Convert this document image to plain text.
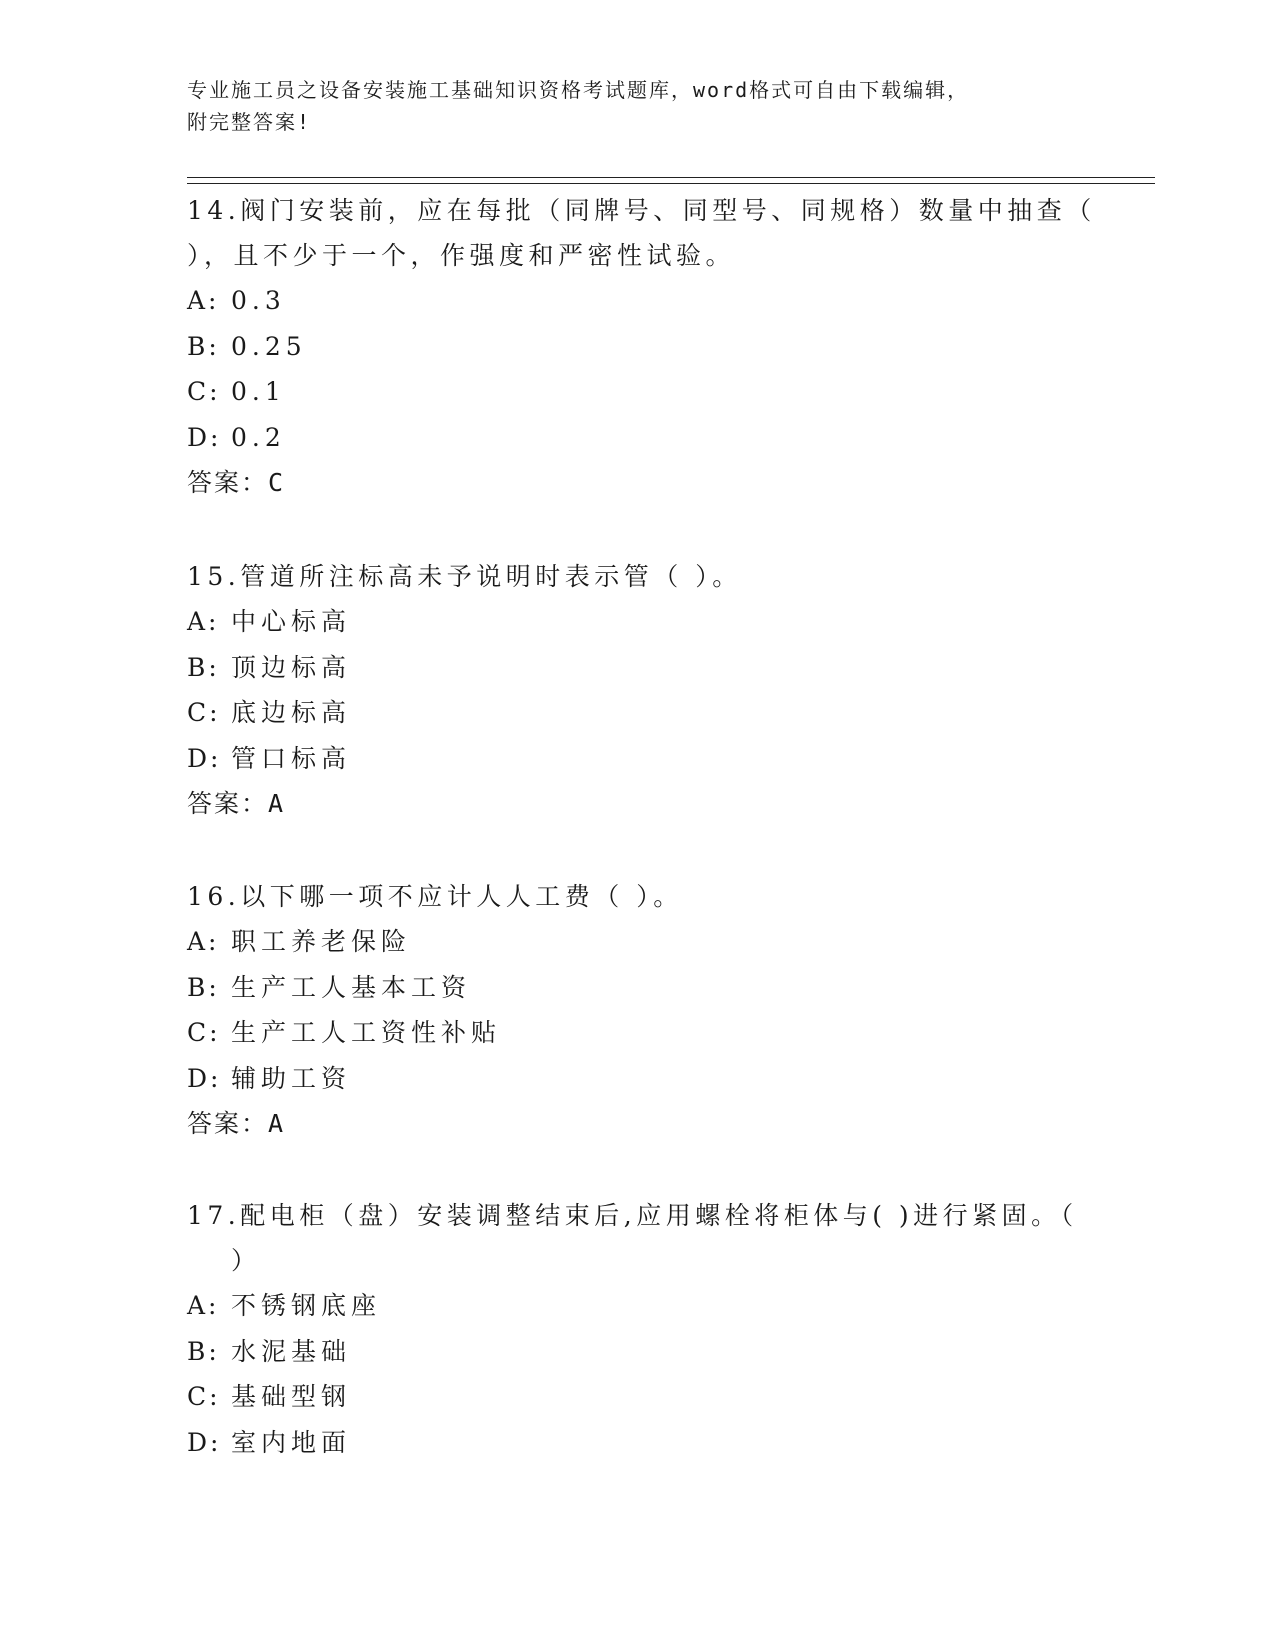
专业施工员之设备安装施工基础知识资格考试题库，word格式可自由下载编辑，
附完整答案!
14.阀门安装前，应在每批（同牌号、同型号、同规格）数量中抽查（
），且不少于一个，作强度和严密性试验。
A: 0.3
B: 0.25
C: 0.1
D: 0.2
答案：C
15.管道所注标高未予说明时表示管（ ）。
A: 中心标高
B: 顶边标高
C: 底边标高
D: 管口标高
答案：A
16.以下哪一项不应计人人工费（ ）。
A: 职工养老保险
B: 生产工人基本工资
C: 生产工人工资性补贴
D: 辅助工资
答案：A
17.配电柜（盘）安装调整结束后,应用螺栓将柜体与( )进行紧固。（
）
A: 不锈钢底座
B: 水泥基础
C: 基础型钢
D: 室内地面
